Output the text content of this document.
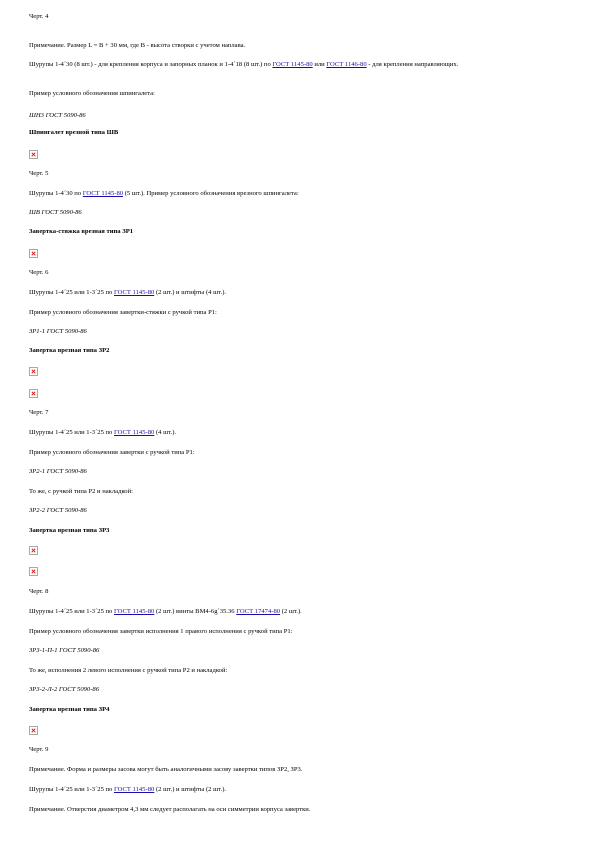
Черт. 4
Примечание. Размер L = B + 30 мм, где B - высота створки с учетом наплава.
Шурупы 1-4´30 (8 шт.) - для крепления корпуса и запорных планок и 1-4´18 (8 шт.) по ГОСТ 1145-80 или ГОСТ 1146-80 - для крепления направляющих.
Пример условного обозначения шпингалета:
ШН3 ГОСТ 5090-86
Шпингалет врезной типа ШВ
Черт. 5
Шурупы 1-4´30 по ГОСТ 1145-80 (5 шт.). Пример условного обозначения врезного шпингалета:
ШВ ГОСТ 5090-86
Завертка-стяжка врезная типа ЗР1
Черт. 6
Шурупы 1-4´25 или 1-3´25 по ГОСТ 1145-80 (2 шт.) и штифты (4 шт.).
Пример условного обозначения завертки-стяжки с ручкой типа Р1:
ЗР1-1 ГОСТ 5090-86
Завертка врезная типа ЗР2
Черт. 7
Шурупы 1-4´25 или 1-3´25 по ГОСТ 1145-80 (4 шт.).
Пример условного обозначения завертки с ручкой типа Р1:
ЗР2-1 ГОСТ 5090-86
То же, с ручкой типа Р2 и накладкой:
ЗР2-2 ГОСТ 5090-86
Завертка врезная типа ЗР3
Черт. 8
Шурупы 1-4´25 или 1-3´25 по ГОСТ 1145-80 (2 шт.) винты ВМ4-6g´35.36 ГОСТ 17474-80 (2 шт.).
Пример условного обозначения завертки исполнения 1 правого исполнения с ручкой типа Р1:
ЗР3-1-П-1 ГОСТ 5090-86
То же, исполнения 2 левого исполнения с ручкой типа Р2 и накладкой:
ЗР3-2-Л-2 ГОСТ 5090-86
Завертка врезная типа ЗР4
Черт. 9
Примечание. Форма и размеры засова могут быть аналогичными засову завертки типов ЗР2, ЗР3.
Шурупы 1-4´25 или 1-3´25 по ГОСТ 1145-80 (2 шт.) и штифты (2 шт.).
Примечание. Отверстия диаметром 4,3 мм следует располагать на оси симметрии корпуса завертки.
